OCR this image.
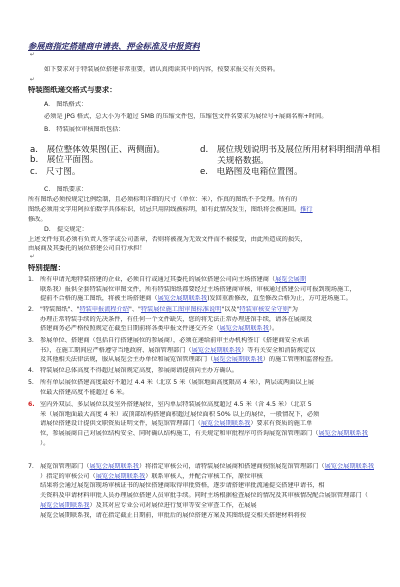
参展商指定搭建商申请表、押金标准及申报资料
↵
如下要求对于特装展位搭建非常重要，请认真阅读其中的内容，按要求报交有关资料。
↵
特装图纸递交格式与要求：
A.　图纸格式：
必须是 JPG 格式，总大小为不超过 5MB 的压缩文件包，压缩包文件名要求为展位号+展商名称+时间。
B.　特装展位审核图纸包括：
a.　展位整体效果图(正、两侧面)。
b.　展位平面图。
c.　尺寸图。
d.　展位规划说明书及展位所用材料明细清单相
　　关规格数据。
e.　电路图及电箱位置图。
C.　图纸要求：
所有图纸必须按规定比例绘制，且必须标明详细的尺寸（单位：米），作真的图纸不予受理。所有的
图纸必须用文字用阿拉伯数字具体标识，切忌只用阴线被标明，如有此情况发生，图纸将会被退回。推行
修改。
D.　提交规定：
上述文件每页必须有负责人签字或公司盖章，否则将被视为无效文件而不被接受，由此所造成的损失，
由展商及其委托的展位搭建公司自行承担！
↵
特别提醒：
1. 所有申请光地特装搭建的企业，必须自行或通过其委托的展位搭建公司向主场搭建商（展览会展期
联系我）报供全套特装展位审图文件，所有特装图纸都要经过主场搭建商审核，审核通过搭建公司可报到现场施工，
提前不合格的施工图纸，将被主场搭建商（展览会展期联系我)发回重新修改，直至修改合格为止，方可进场施工。
2. "特装图纸"、"特装申报流程介绍"、"特装展位施工图审图标准说明"以及"特装审核安全守则"为
办理正常特装手续的先决条件，有任何一个文件缺失，您的将无法正常办理进馆手续，请各在展商及
搭建商务必严格按照规定在截至日期前将各类申报文件递交齐全（展览会展期联系我）。
3. 参展单位、搭建商（包括自行搭建展位的参展商），必须在递给前审主办机构签订《搭建商安全承诺
书》，在施工期间应严格遵守当地政府、展馆管理部门（展览会展期联系我）等有关安全和消防规定以
及其他相关法律法规，服从展览会主办单位和展览馆管理部门（展览会展期联系我）的施工管理和监督检查。
4. 特装展位总体高度不得超过展馆规定高度，参展商请提前向主办方确认。
5. 所有单层展位搭建高度最好不超过 4.4 米（北京 5 米（展馆地面高度限高 4 米），两层或两面以上展
位最大搭建高度不能超过 6 米。
6. 室内外双层、多层展位以及室外搭建展位，室内单层特装展位高度超过 4.5 米（含 4.5 米）（北京 5
米（展馆地面最大高度 4 米）或顶部结构搭建面积超过展位面积 50% 以上的展位，一般情况下，必须
请展位搭建设计提供文职资质证明文件，展览馆管理部门（展览会展期联系我）要求有资质的施工单
位，参展展商自己对展位结构安全、同时确认结构施工，有关规定和审批程序可咨询展览馆管理部门（展览会展期联系我
）。
7. 展览馆管理部门（展览会展期联系我）将指定审核公司，请特装展位展商和搭建商按照展览馆管理部门（展览会展期联系我
）指定的审核公司（展览会展期联系我）联系审核人，并配合审核工作，原位审核
结果将会通过展览馆现场审核证书的展位搭建商取得审批资格，逐步请搭建审批流通提交搭建申请书，相
关资料及申请材料审批人员办理展位搭建人员审批手续。同时主场根据检查展位的情况及其审核情况配合展馆管理部门（
展览会展期联系我）及其对应专业公司对展位进行复审等安全审查工作，在展展
展览会展期联系我，请在指定截止日期前，审批后的展位搭建方案及其图纸提交相关搭建材料将按
